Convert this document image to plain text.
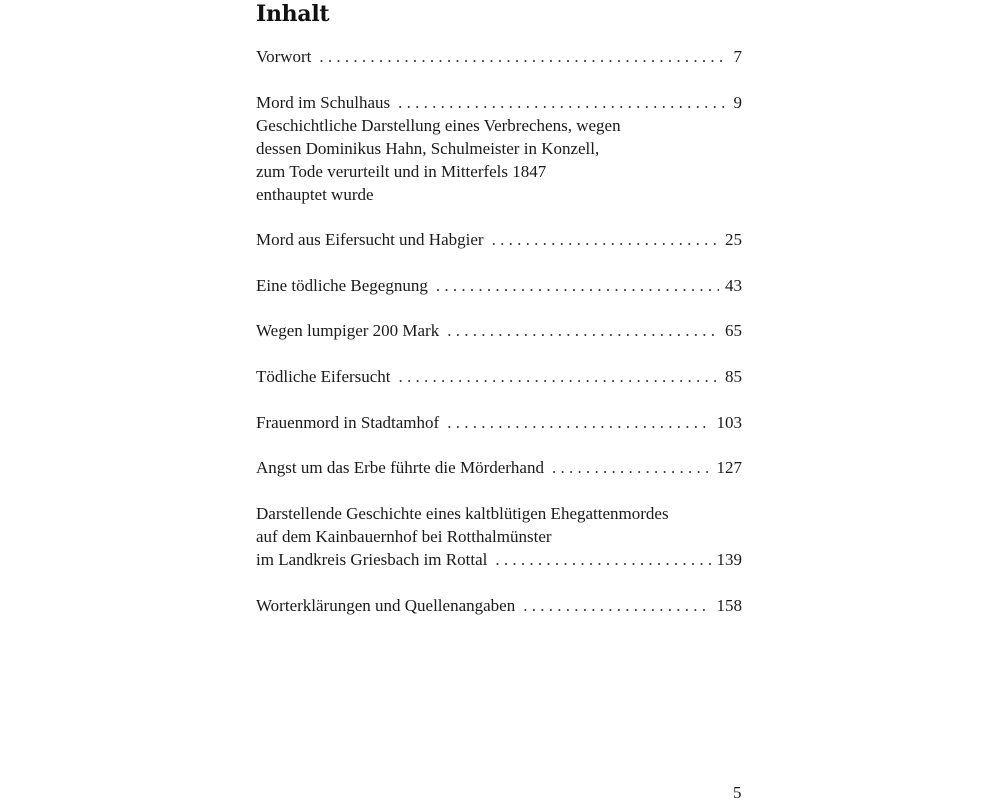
Inhalt
Vorwort . . .	7
Mord im Schulhaus . . .	9
Geschichtliche Darstellung eines Verbrechens, wegen
dessen Dominikus Hahn, Schulmeister in Konzell,
zum Tode verurteilt und in Mitterfels 1847
enthauptet wurde
Mord aus Eifersucht und Habgier . . .	25
Eine tödliche Begegnung . . .	43
Wegen lumpiger 200 Mark . . .	65
Tödliche Eifersucht . . .	85
Frauenmord in Stadtamhof . . .	103
Angst um das Erbe führte die Mörderhand . . .	127
Darstellende Geschichte eines kaltblütigen Ehegattenmordes
auf dem Kainbauernhof bei Rotthalmünster
im Landkreis Griesbach im Rottal . . .	139
Worterklärungen und Quellenangaben . . .	158
5
